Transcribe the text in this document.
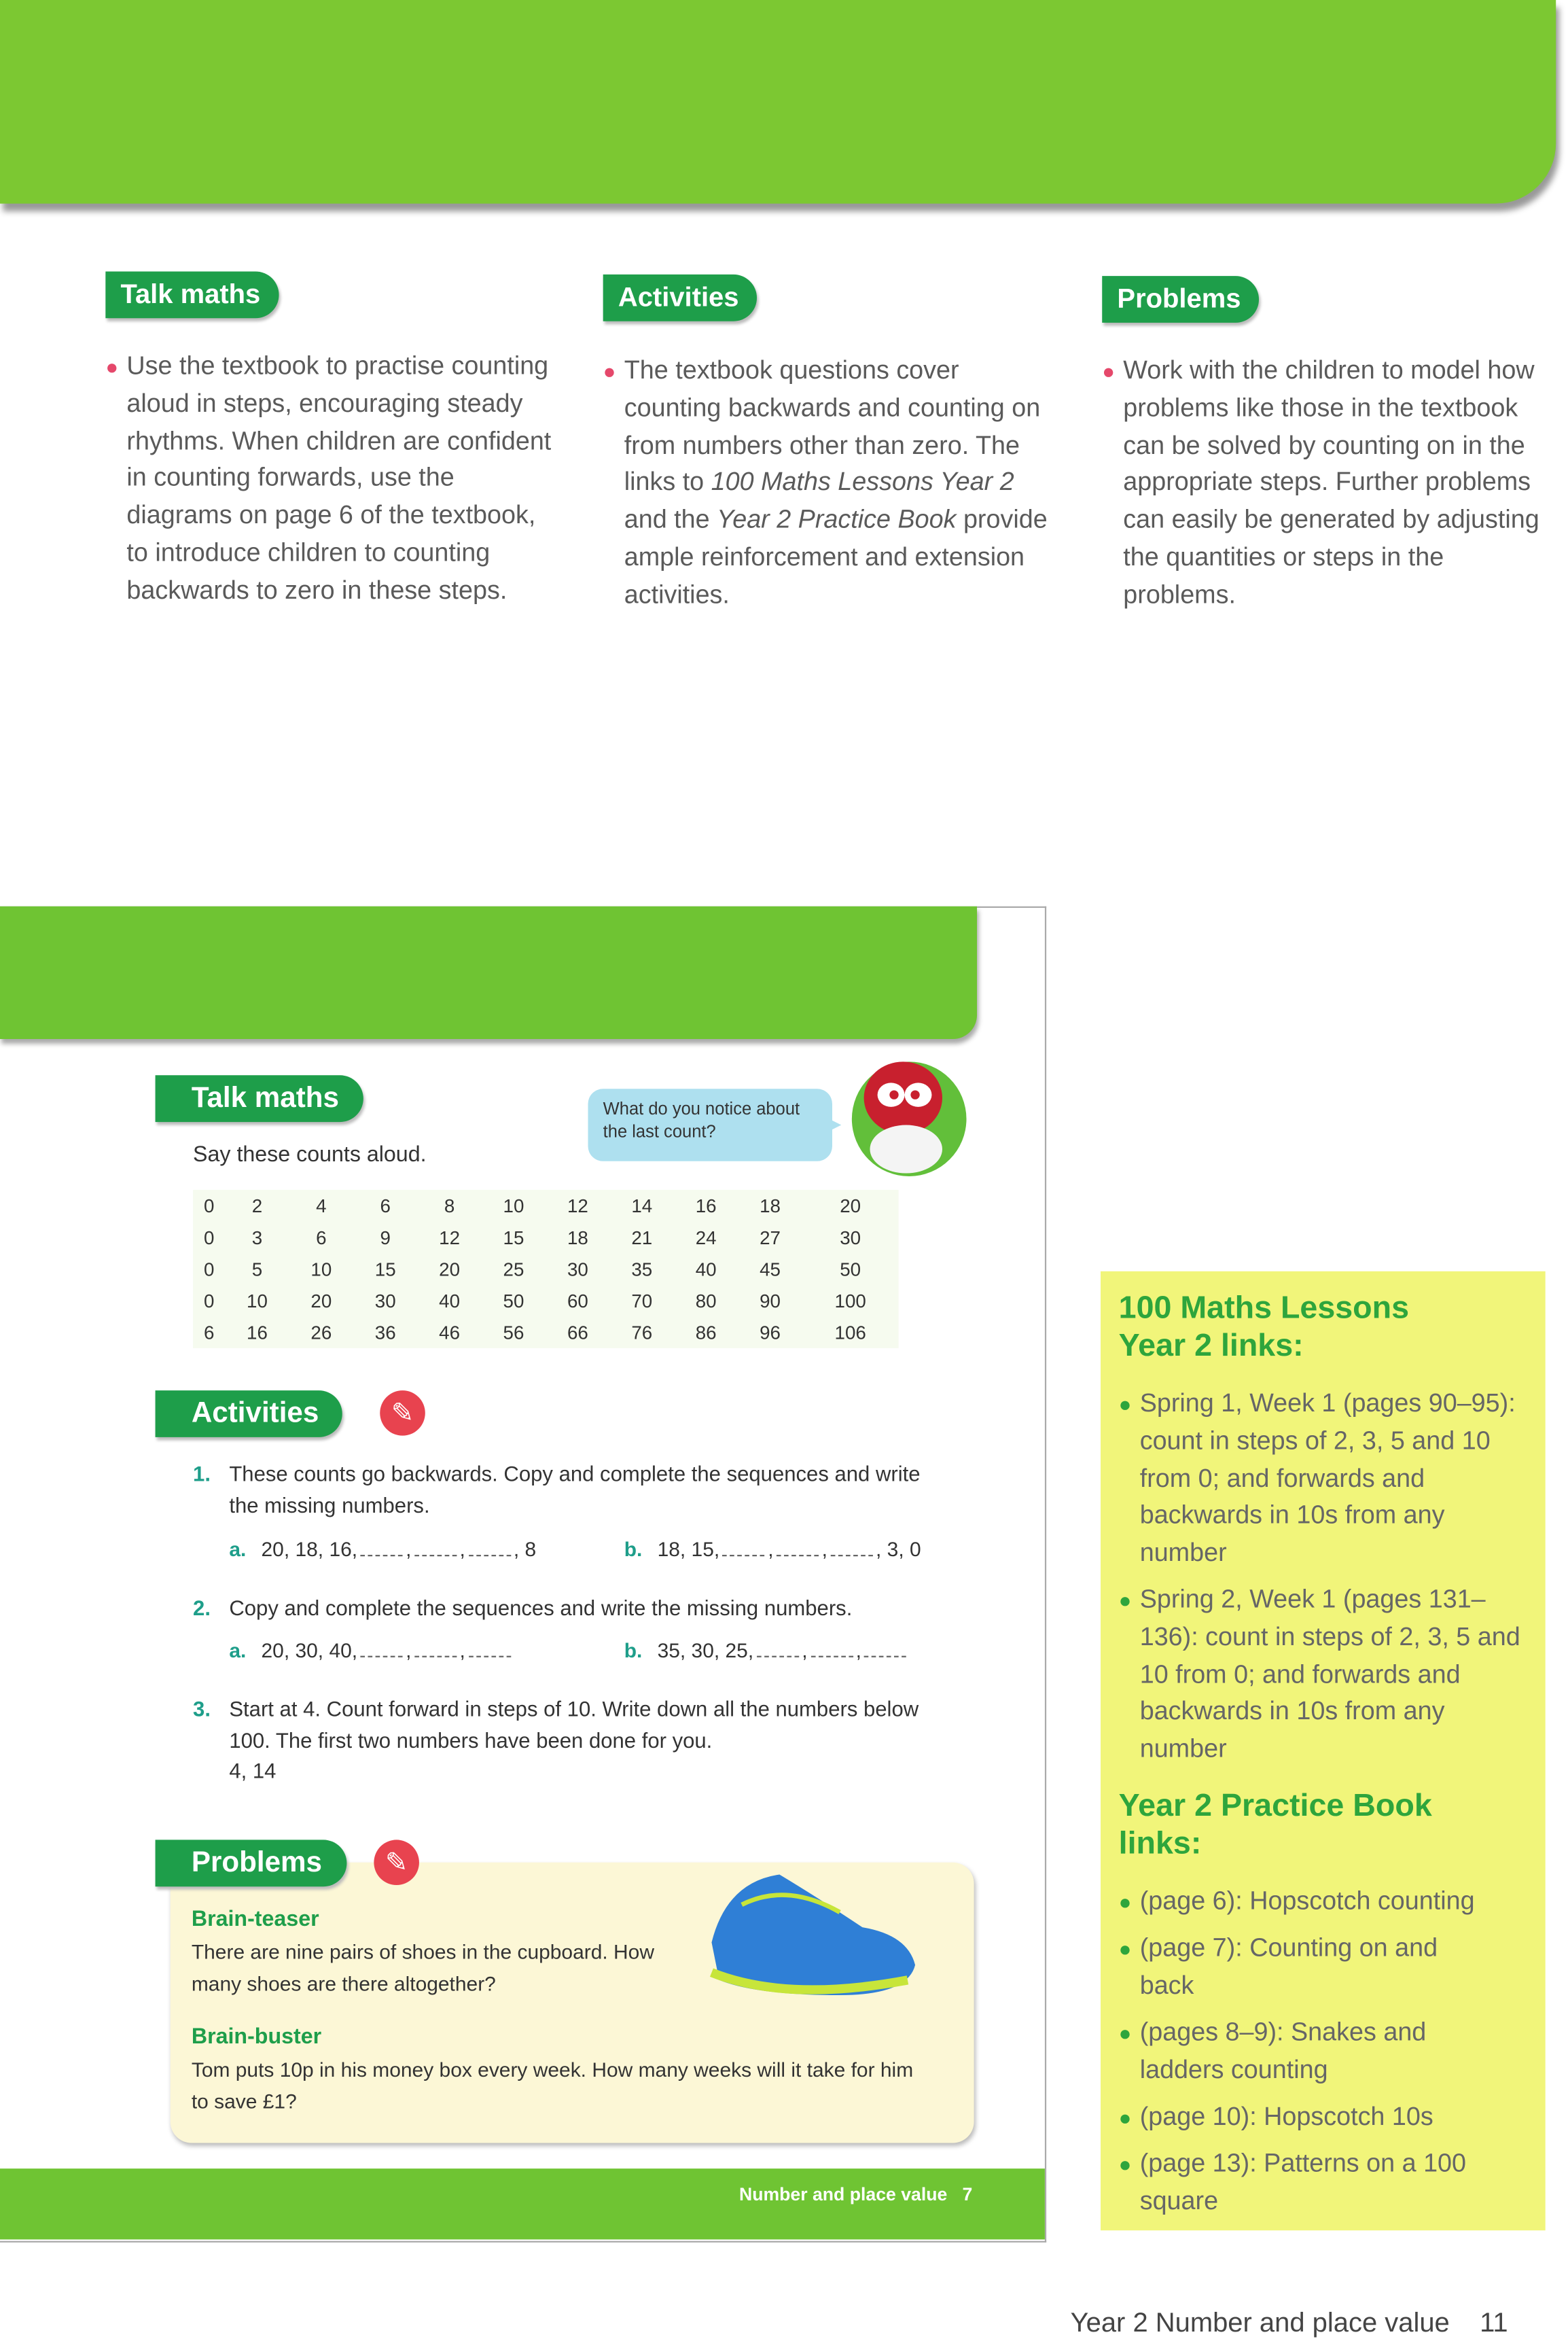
Talk maths	Activities	Problems
● Use the textbook to practise counting aloud in steps, encouraging steady rhythms. When children are confident in counting forwards, use the diagrams on page 6 of the textbook, to introduce children to counting backwards to zero in these steps.
● The textbook questions cover counting backwards and counting on from numbers other than zero. The links to 100 Maths Lessons Year 2 and the Year 2 Practice Book provide ample reinforcement and extension activities.
● Work with the children to model how problems like those in the textbook can be solved by counting on in the appropriate steps. Further problems can easily be generated by adjusting the quantities or steps in the problems.
Talk maths
Say these counts aloud.
What do you notice about the last count?
0	2	4	6	8	10	12	14	16	18	20
0	3	6	9	12	15	18	21	24	27	30
0	5	10	15	20	25	30	35	40	45	50
0	10	20	30	40	50	60	70	80	90	100
6	16	26	36	46	56	66	76	86	96	106
Activities	✎
1. These counts go backwards. Copy and complete the sequences and write the missing numbers.
a. 20, 18, 16,	,	,	, 8	b. 18, 15,	,	,	, 3, 0
2. Copy and complete the sequences and write the missing numbers.
a. 20, 30, 40,	,	,	b. 35, 30, 25,	,	,
3. Start at 4. Count forward in steps of 10. Write down all the numbers below 100. The first two numbers have been done for you.
4, 14
Problems	✎
Brain-teaser
There are nine pairs of shoes in the cupboard. How many shoes are there altogether?
Brain-buster
Tom puts 10p in his money box every week. How many weeks will it take for him to save £1?
Number and place value 7
100 Maths Lessons Year 2 links:
● Spring 1, Week 1 (pages 90–95): count in steps of 2, 3, 5 and 10 from 0; and forwards and backwards in 10s from any number
● Spring 2, Week 1 (pages 131–136): count in steps of 2, 3, 5 and 10 from 0; and forwards and backwards in 10s from any number
Year 2 Practice Book links:
● (page 6): Hopscotch counting
● (page 7): Counting on and back
● (pages 8–9): Snakes and ladders counting
● (page 10): Hopscotch 10s
● (page 13): Patterns on a 100 square
Year 2 Number and place value 11
